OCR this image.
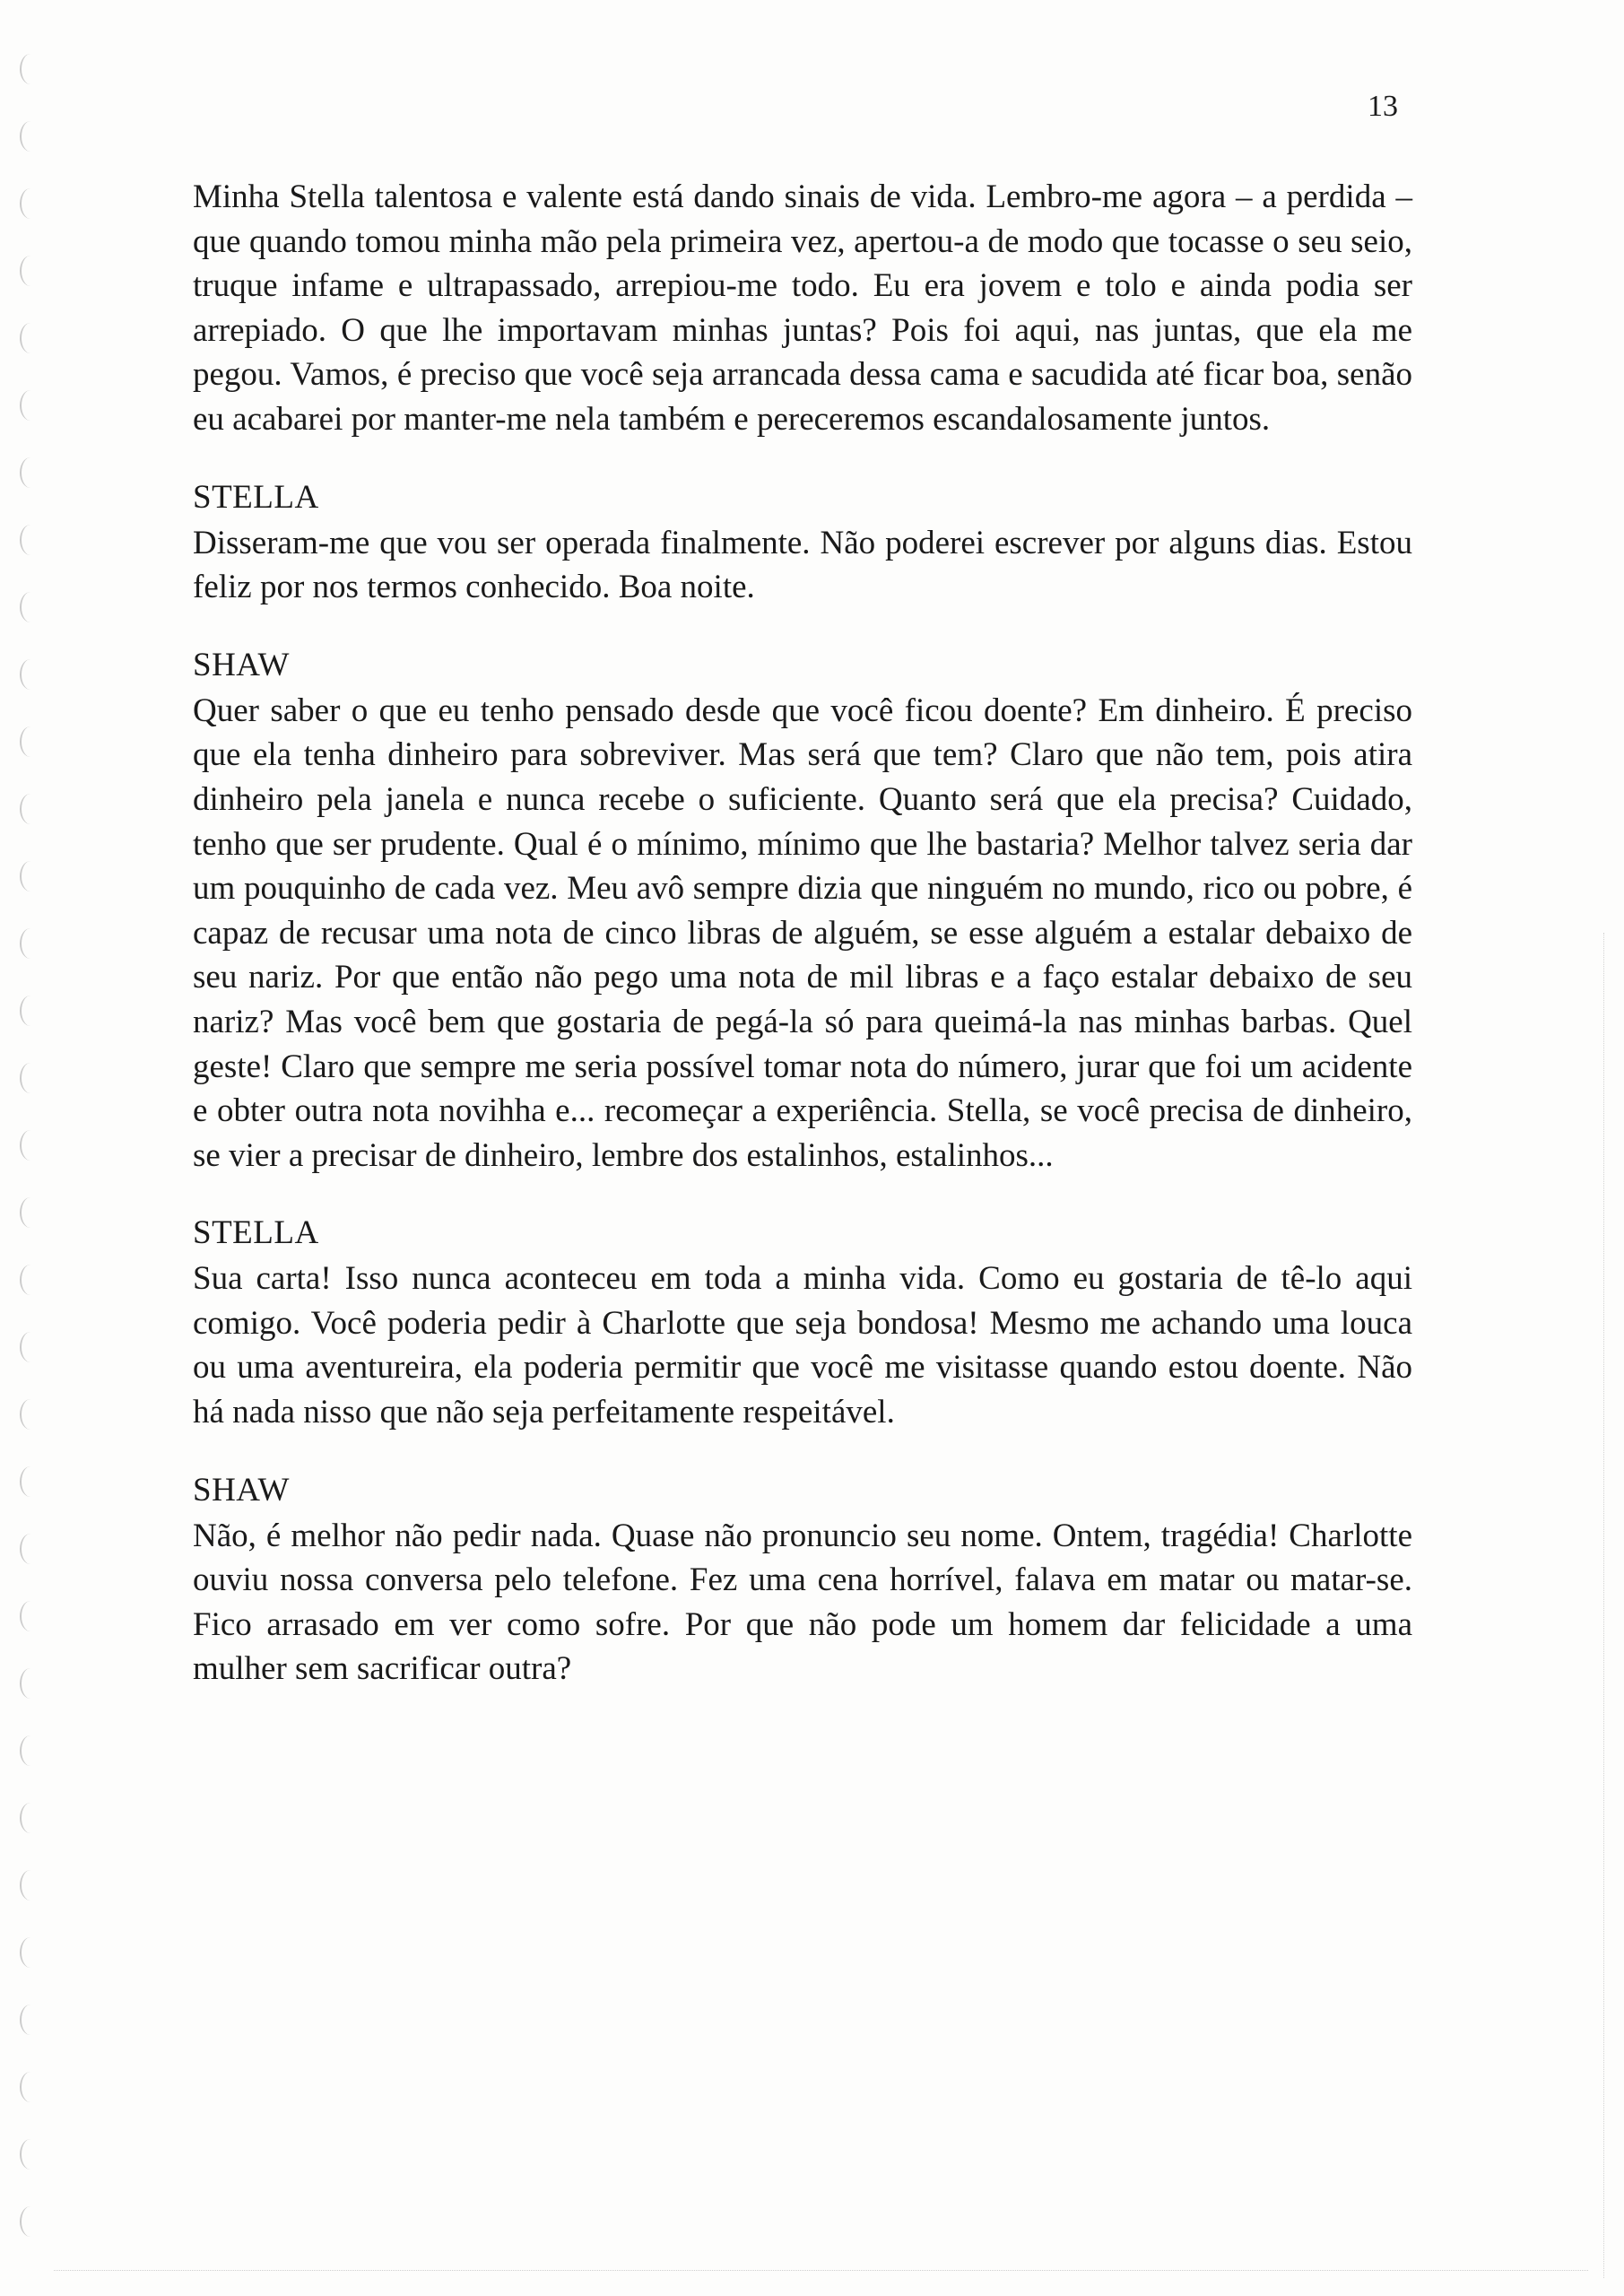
13

Minha Stella talentosa e valente está dando sinais de vida. Lembro-me agora – a perdida – que quando tomou minha mão pela primeira vez, apertou-a de modo que tocasse o seu seio, truque infame e ultrapassado, arrepiou-me todo. Eu era jovem e tolo e ainda podia ser arrepiado. O que lhe importavam minhas juntas? Pois foi aqui, nas juntas, que ela me pegou. Vamos, é preciso que você seja arrancada dessa cama e sacudida até ficar boa, senão eu acabarei por manter-me nela também e pereceremos escandalosamente juntos.

STELLA

Disseram-me que vou ser operada finalmente. Não poderei escrever por alguns dias. Estou feliz por nos termos conhecido. Boa noite.

SHAW

Quer saber o que eu tenho pensado desde que você ficou doente? Em dinheiro. É preciso que ela tenha dinheiro para sobreviver. Mas será que tem? Claro que não tem, pois atira dinheiro pela janela e nunca recebe o suficiente. Quanto será que ela precisa? Cuidado, tenho que ser prudente. Qual é o mínimo, mínimo que lhe bastaria? Melhor talvez seria dar um pouquinho de cada vez. Meu avô sempre dizia que ninguém no mundo, rico ou pobre, é capaz de recusar uma nota de cinco libras de alguém, se esse alguém a estalar debaixo de seu nariz. Por que então não pego uma nota de mil libras e a faço estalar debaixo de seu nariz? Mas você bem que gostaria de pegá-la só para queimá-la nas minhas barbas. Quel geste! Claro que sempre me seria possível tomar nota do número, jurar que foi um acidente e obter outra nota novihha e... recomeçar a experiência. Stella, se você precisa de dinheiro, se vier a precisar de dinheiro, lembre dos estalinhos, estalinhos...

STELLA

Sua carta! Isso nunca aconteceu em toda a minha vida. Como eu gostaria de tê-lo aqui comigo. Você poderia pedir à Charlotte que seja bondosa! Mesmo me achando uma louca ou uma aventureira, ela poderia permitir que você me visitasse quando estou doente. Não há nada nisso que não seja perfeitamente respeitável.

SHAW

Não, é melhor não pedir nada. Quase não pronuncio seu nome. Ontem, tragédia! Charlotte ouviu nossa conversa pelo telefone. Fez uma cena horrível, falava em matar ou matar-se. Fico arrasado em ver como sofre. Por que não pode um homem dar felicidade a uma mulher sem sacrificar outra?
